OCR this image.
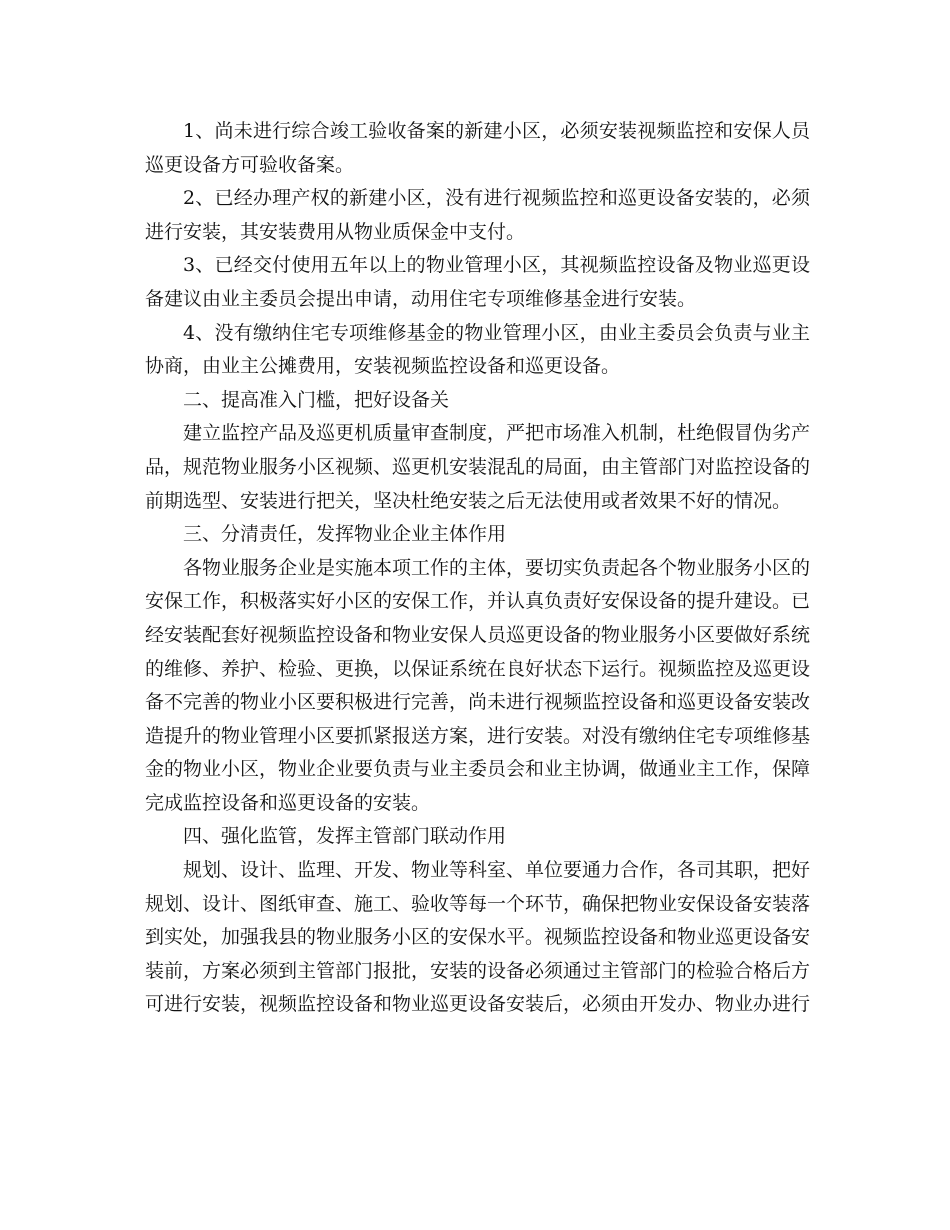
1、尚未进行综合竣工验收备案的新建小区，必须安装视频监控和安保人员巡更设备方可验收备案。

2、已经办理产权的新建小区，没有进行视频监控和巡更设备安装的，必须进行安装，其安装费用从物业质保金中支付。

3、已经交付使用五年以上的物业管理小区，其视频监控设备及物业巡更设备建议由业主委员会提出申请，动用住宅专项维修基金进行安装。

4、没有缴纳住宅专项维修基金的物业管理小区，由业主委员会负责与业主协商，由业主公摊费用，安装视频监控设备和巡更设备。

二、提高准入门槛，把好设备关

建立监控产品及巡更机质量审查制度，严把市场准入机制，杜绝假冒伪劣产品，规范物业服务小区视频、巡更机安装混乱的局面，由主管部门对监控设备的前期选型、安装进行把关，坚决杜绝安装之后无法使用或者效果不好的情况。

三、分清责任，发挥物业企业主体作用

各物业服务企业是实施本项工作的主体，要切实负责起各个物业服务小区的安保工作，积极落实好小区的安保工作，并认真负责好安保设备的提升建设。已经安装配套好视频监控设备和物业安保人员巡更设备的物业服务小区要做好系统的维修、养护、检验、更换，以保证系统在良好状态下运行。视频监控及巡更设备不完善的物业小区要积极进行完善，尚未进行视频监控设备和巡更设备安装改造提升的物业管理小区要抓紧报送方案，进行安装。对没有缴纳住宅专项维修基金的物业小区，物业企业要负责与业主委员会和业主协调，做通业主工作，保障完成监控设备和巡更设备的安装。

四、强化监管，发挥主管部门联动作用

规划、设计、监理、开发、物业等科室、单位要通力合作，各司其职，把好规划、设计、图纸审查、施工、验收等每一个环节，确保把物业安保设备安装落到实处，加强我县的物业服务小区的安保水平。视频监控设备和物业巡更设备安装前，方案必须到主管部门报批，安装的设备必须通过主管部门的检验合格后方可进行安装，视频监控设备和物业巡更设备安装后，必须由开发办、物业办进行
